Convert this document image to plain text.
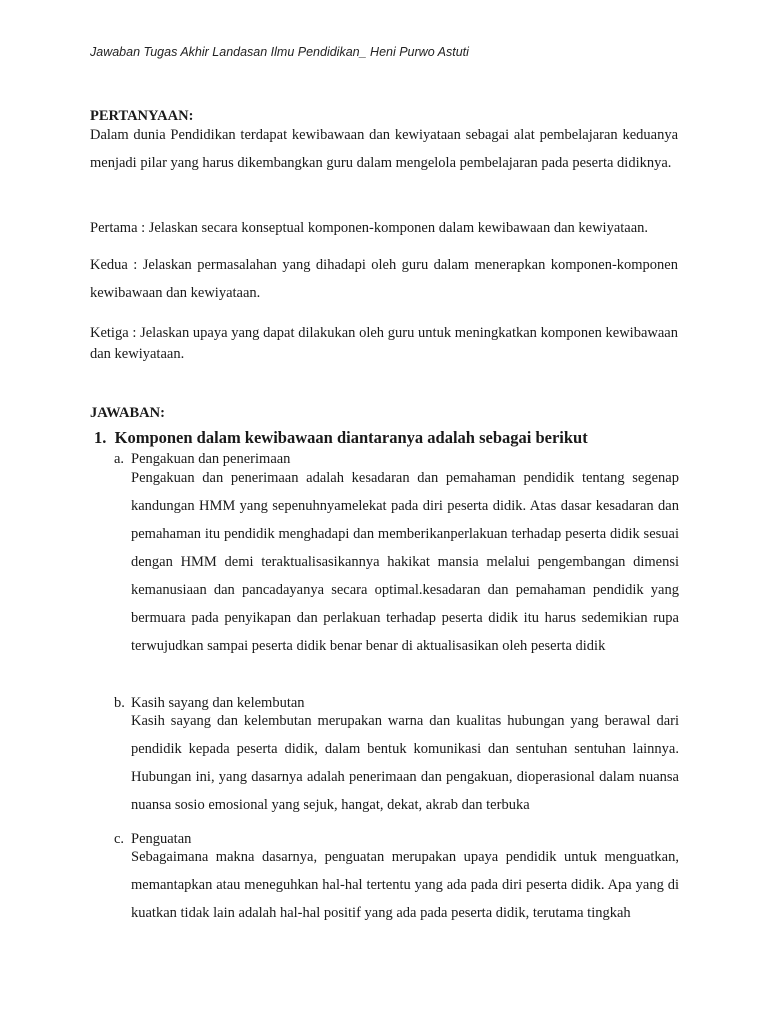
Jawaban Tugas Akhir Landasan Ilmu Pendidikan_ Heni Purwo Astuti
PERTANYAAN:
Dalam dunia Pendidikan terdapat kewibawaan dan kewiyataan sebagai alat pembelajaran keduanya menjadi pilar yang harus dikembangkan guru dalam mengelola pembelajaran pada peserta didiknya.
Pertama : Jelaskan secara konseptual komponen-komponen dalam kewibawaan dan kewiyataan.
Kedua : Jelaskan permasalahan yang dihadapi oleh guru dalam menerapkan komponen-komponen kewibawaan dan kewiyataan.
Ketiga : Jelaskan upaya yang dapat dilakukan oleh guru untuk meningkatkan komponen kewibawaan dan kewiyataan.
JAWABAN:
1. Komponen dalam kewibawaan diantaranya adalah sebagai berikut
a. Pengakuan dan penerimaan

Pengakuan dan penerimaan adalah kesadaran dan pemahaman pendidik tentang segenap kandungan HMM yang sepenuhnyamelekat pada diri peserta didik. Atas dasar kesadaran dan pemahaman itu pendidik menghadapi dan memberikanperlakuan terhadap peserta didik sesuai dengan HMM demi teraktualisasikannya hakikat mansia melalui pengembangan dimensi kemanusiaan dan pancadayanya secara optimal.kesadaran dan pemahaman pendidik yang bermuara pada penyikapan dan perlakuan terhadap peserta didik itu harus sedemikian rupa terwujudkan sampai peserta didik benar benar di aktualisasikan oleh peserta didik

b. Kasih sayang dan kelembutan

Kasih sayang dan kelembutan merupakan warna dan kualitas hubungan yang berawal dari pendidik kepada peserta didik, dalam bentuk komunikasi dan sentuhan sentuhan lainnya. Hubungan ini, yang dasarnya adalah penerimaan dan pengakuan, dioperasional dalam nuansa nuansa sosio emosional yang sejuk, hangat, dekat, akrab dan terbuka

c. Penguatan

Sebagaimana makna dasarnya, penguatan merupakan upaya pendidik untuk menguatkan, memantapkan atau meneguhkan hal-hal tertentu yang ada pada diri peserta didik. Apa yang di kuatkan tidak lain adalah hal-hal positif yang ada pada peserta didik, terutama tingkah
